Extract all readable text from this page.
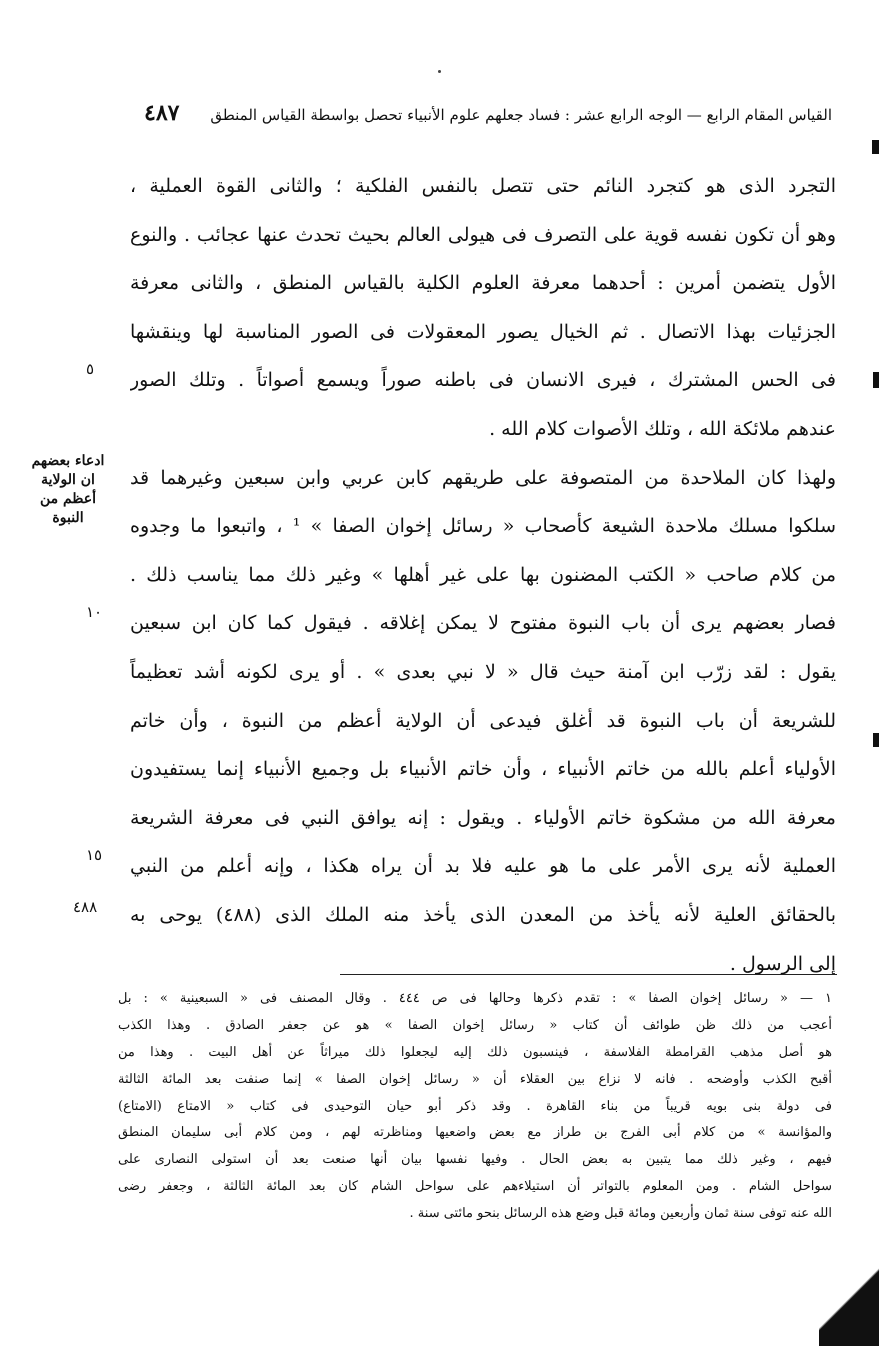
القياس المقام الرابع — الوجه الرابع عشر : فساد جعلهم علوم الأنبياء تحصل بواسطة القياس المنطق
٤٨٧
ادعاء بعضهم
ان الولاية
أعظم من
النبوة
التجرد الذى هو كتجرد النائم حتى تتصل بالنفس الفلكية ؛ والثانى القوة العملية ،
وهو أن تكون نفسه قوية على التصرف فى هيولى العالم بحيث تحدث عنها عجائب . والنوع
الأول يتضمن أمرين : أحدهما معرفة العلوم الكلية بالقياس المنطق ، والثانى معرفة
الجزئيات بهذا الاتصال . ثم الخيال يصور المعقولات فى الصور المناسبة لها وينقشها
فى الحس المشترك ، فيرى الانسان فى باطنه صوراً ويسمع أصواتاً . وتلك الصور
عندهم ملائكة الله ، وتلك الأصوات كلام الله .
ولهذا كان الملاحدة من المتصوفة على طريقهم كابن عربي وابن سبعين وغيرهما قد
سلكوا مسلك ملاحدة الشيعة كأصحاب « رسائل إخوان الصفا » ¹ ، واتبعوا ما وجدوه
من كلام صاحب « الكتب المضنون بها على غير أهلها » وغير ذلك مما يناسب ذلك .
فصار بعضهم يرى أن باب النبوة مفتوح لا يمكن إغلاقه . فيقول كما كان ابن سبعين
يقول : لقد زرّب ابن آمنة حيث قال « لا نبي بعدى » . أو يرى لكونه أشد تعظيماً
للشريعة أن باب النبوة قد أغلق فيدعى أن الولاية أعظم من النبوة ، وأن خاتم
الأولياء أعلم بالله من خاتم الأنبياء ، وأن خاتم الأنبياء بل وجميع الأنبياء إنما يستفيدون
معرفة الله من مشكوة خاتم الأولياء . ويقول : إنه يوافق النبي فى معرفة الشريعة
العملية لأنه يرى الأمر على ما هو عليه فلا بد أن يراه هكذا ، وإنه أعلم من النبي
بالحقائق العلية لأنه يأخذ من المعدن الذى يأخذ منه الملك الذى (٤٨٨) يوحى به
إلى الرسول .
٥
١٠
١٥
٤٨٨
١ — « رسائل إخوان الصفا » : تقدم ذكرها وحالها فى ص ٤٤٤ . وقال المصنف فى « السبعينية » : بل
أعجب من ذلك ظن طوائف أن كتاب « رسائل إخوان الصفا » هو عن جعفر الصادق . وهذا الكذب
هو أصل مذهب القرامطة الفلاسفة ، فينسبون ذلك إليه ليجعلوا ذلك ميراثاً عن أهل البيت . وهذا من
أقبح الكذب وأوضحه . فانه لا نزاع بين العقلاء أن « رسائل إخوان الصفا » إنما صنفت بعد المائة الثالثة
فى دولة بنى بويه قريباً من بناء القاهرة . وقد ذكر أبو حيان التوحيدى فى كتاب « الامتاع (الامتاع)
والمؤانسة » من كلام أبى الفرج بن طراز مع بعض واضعيها ومناظرته لهم ، ومن كلام أبى سليمان المنطق
فيهم ، وغير ذلك مما يتبين به بعض الحال . وفيها نفسها بيان أنها صنعت بعد أن استولى النصارى على
سواحل الشام . ومن المعلوم بالتواتر أن استيلاءهم على سواحل الشام كان بعد المائة الثالثة ، وجعفر رضى
الله عنه توفى سنة ثمان وأربعين ومائة قبل وضع هذه الرسائل بنحو مائتى سنة .
